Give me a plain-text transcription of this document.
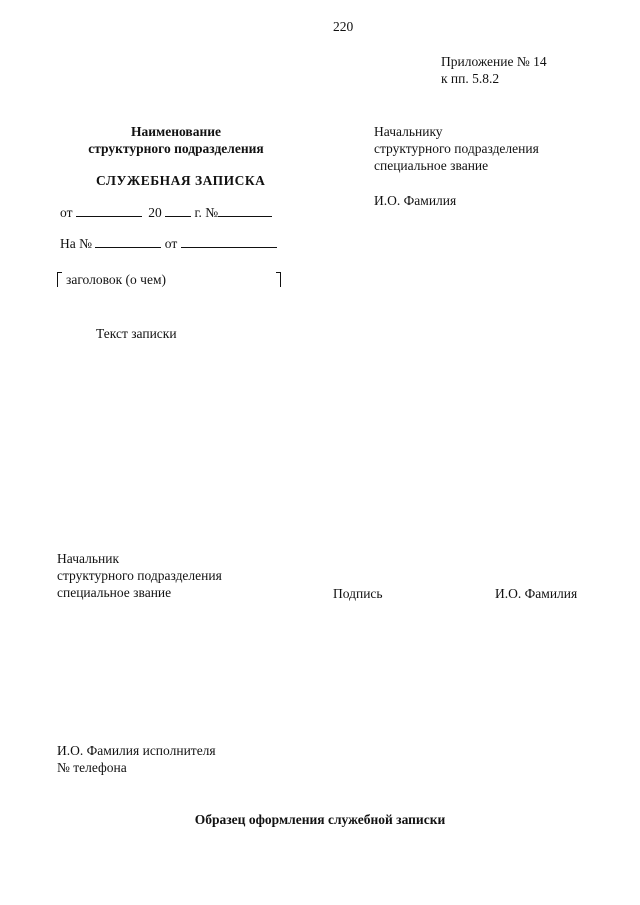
220
Приложение № 14
к пп. 5.8.2
Наименование
структурного подразделения
СЛУЖЕБНАЯ ЗАПИСКА
от	20 г. №
На №	от
заголовок (о чем)
Начальнику
структурного подразделения
специальное звание
И.О. Фамилия
Текст записки
Начальник
структурного подразделения
специальное звание	Подпись	И.О. Фамилия
И.О. Фамилия исполнителя
№ телефона
Образец оформления служебной записки
